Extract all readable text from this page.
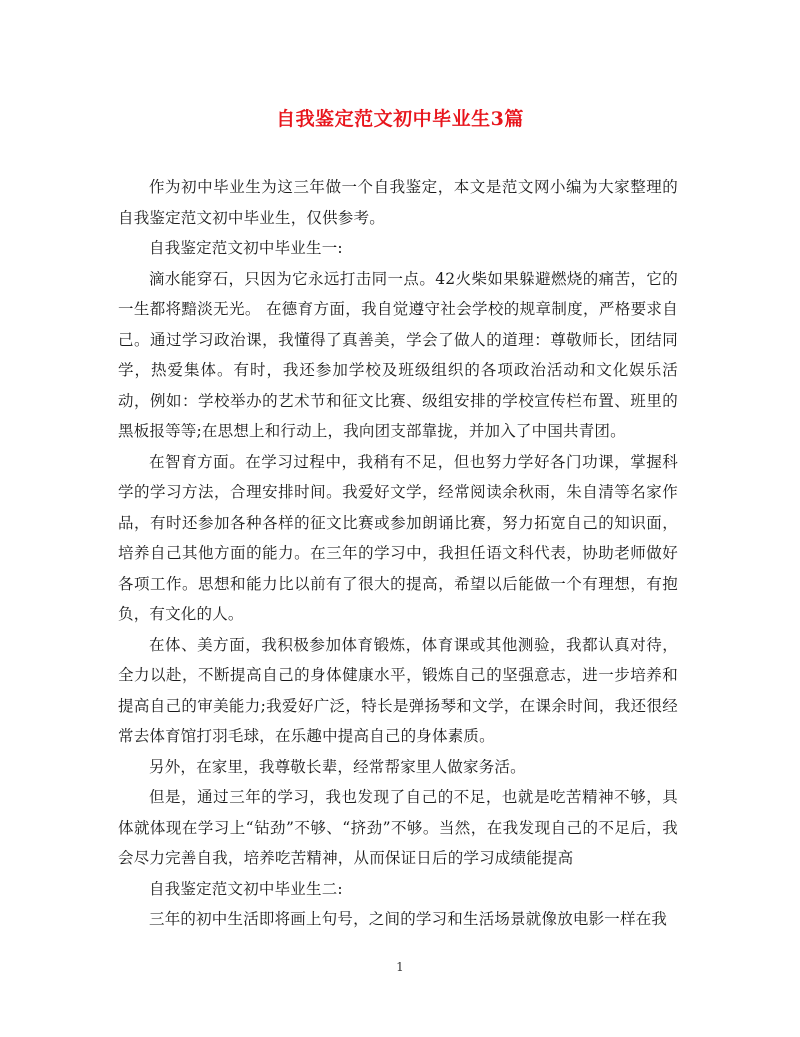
自我鉴定范文初中毕业生3篇

作为初中毕业生为这三年做一个自我鉴定，本文是范文网小编为大家整理的自我鉴定范文初中毕业生，仅供参考。

自我鉴定范文初中毕业生一:

滴水能穿石，只因为它永远打击同一点。42火柴如果躲避燃烧的痛苦，它的一生都将黯淡无光。 在德育方面，我自觉遵守社会学校的规章制度，严格要求自己。通过学习政治课，我懂得了真善美，学会了做人的道理：尊敬师长，团结同学，热爱集体。有时，我还参加学校及班级组织的各项政治活动和文化娱乐活动，例如：学校举办的艺术节和征文比赛、级组安排的学校宣传栏布置、班里的黑板报等等;在思想上和行动上，我向团支部靠拢，并加入了中国共青团。

在智育方面。在学习过程中，我稍有不足，但也努力学好各门功课，掌握科学的学习方法，合理安排时间。我爱好文学，经常阅读余秋雨，朱自清等名家作品，有时还参加各种各样的征文比赛或参加朗诵比赛，努力拓宽自己的知识面，培养自己其他方面的能力。在三年的学习中，我担任语文科代表，协助老师做好各项工作。思想和能力比以前有了很大的提高，希望以后能做一个有理想，有抱负，有文化的人。

在体、美方面，我积极参加体育锻炼，体育课或其他测验，我都认真对待，全力以赴，不断提高自己的身体健康水平，锻炼自己的坚强意志，进一步培养和提高自己的审美能力;我爱好广泛，特长是弹扬琴和文学，在课余时间，我还很经常去体育馆打羽毛球，在乐趣中提高自己的身体素质。

另外，在家里，我尊敬长辈，经常帮家里人做家务活。

但是，通过三年的学习，我也发现了自己的不足，也就是吃苦精神不够，具体就体现在学习上“钻劲”不够、“挤劲”不够。当然，在我发现自己的不足后，我会尽力完善自我，培养吃苦精神，从而保证日后的学习成绩能提高

自我鉴定范文初中毕业生二:

三年的初中生活即将画上句号，之间的学习和生活场景就像放电影一样在我

1
